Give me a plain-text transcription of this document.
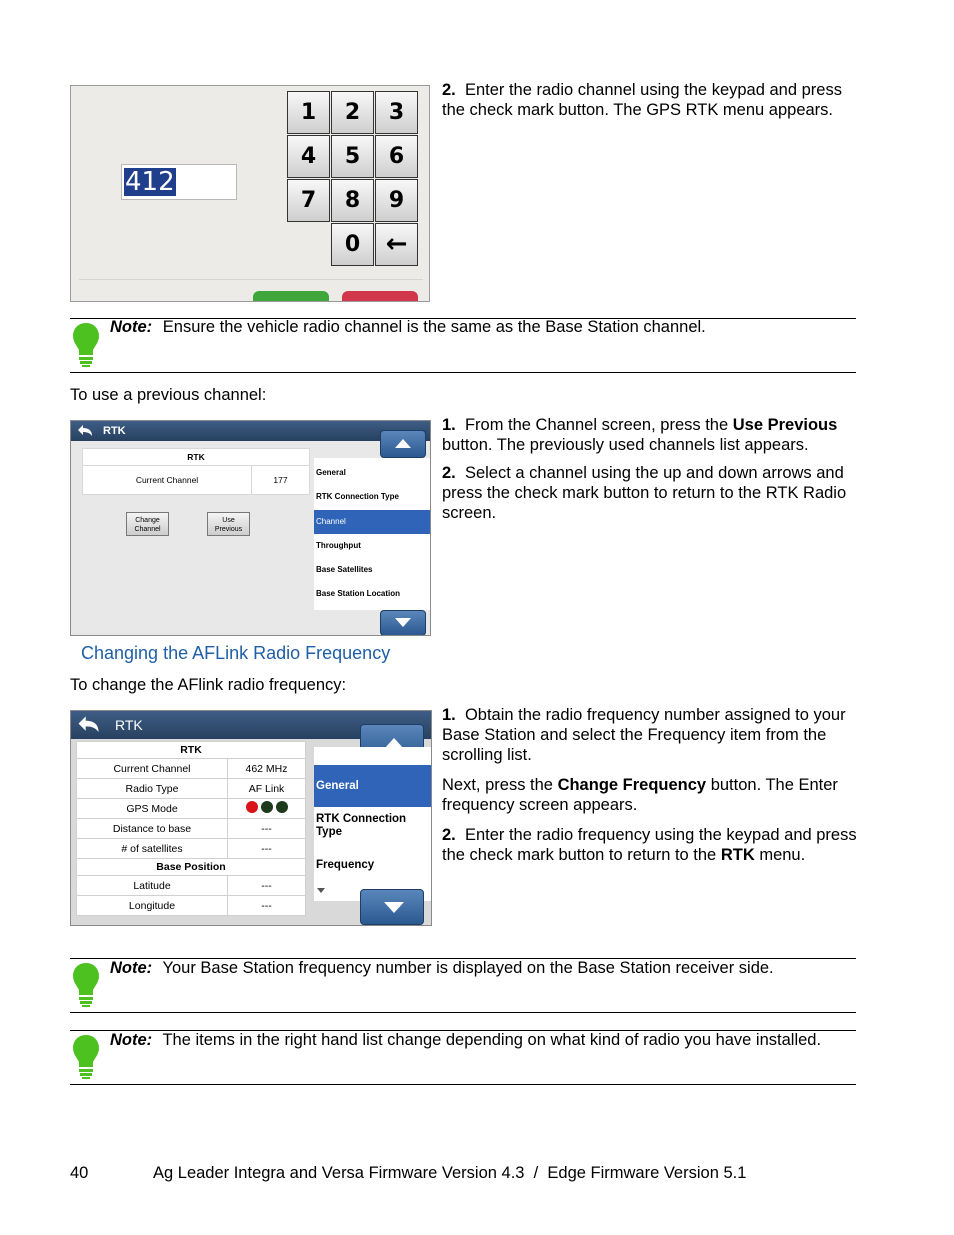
412
1	2	3
4	5	6
7	8	9
0 ←
2. Enter the radio channel using the keypad and press the check mark button. The GPS RTK menu appears.
Note: Ensure the vehicle radio channel is the same as the Base Station channel.
To use a previous channel:
RTK
RTK
Current Channel	177
Change Channel
Use Previous
General
RTK Connection Type
Channel
Throughput
Base Satellites
Base Station Location
1. From the Channel screen, press the Use Previous button. The previously used channels list appears.
2. Select a channel using the up and down arrows and press the check mark button to return to the RTK Radio screen.
Changing the AFLink Radio Frequency
To change the AFlink radio frequency:
RTK
RTK	
Current Channel	462 MHz
Radio Type	AF Link
GPS Mode	
Distance to base	---
# of satellites	---
Base Position	
Latitude	---
Longitude	---
General
RTK Connection Type
Frequency
1. Obtain the radio frequency number assigned to your Base Station and select the Frequency item from the scrolling list.
Next, press the Change Frequency button. The Enter frequency screen appears.
2. Enter the radio frequency using the keypad and press the check mark button to return to the RTK menu.
Note: Your Base Station frequency number is displayed on the Base Station receiver side.
Note: The items in the right hand list change depending on what kind of radio you have installed.
40	Ag Leader Integra and Versa Firmware Version 4.3  /  Edge Firmware Version 5.1
